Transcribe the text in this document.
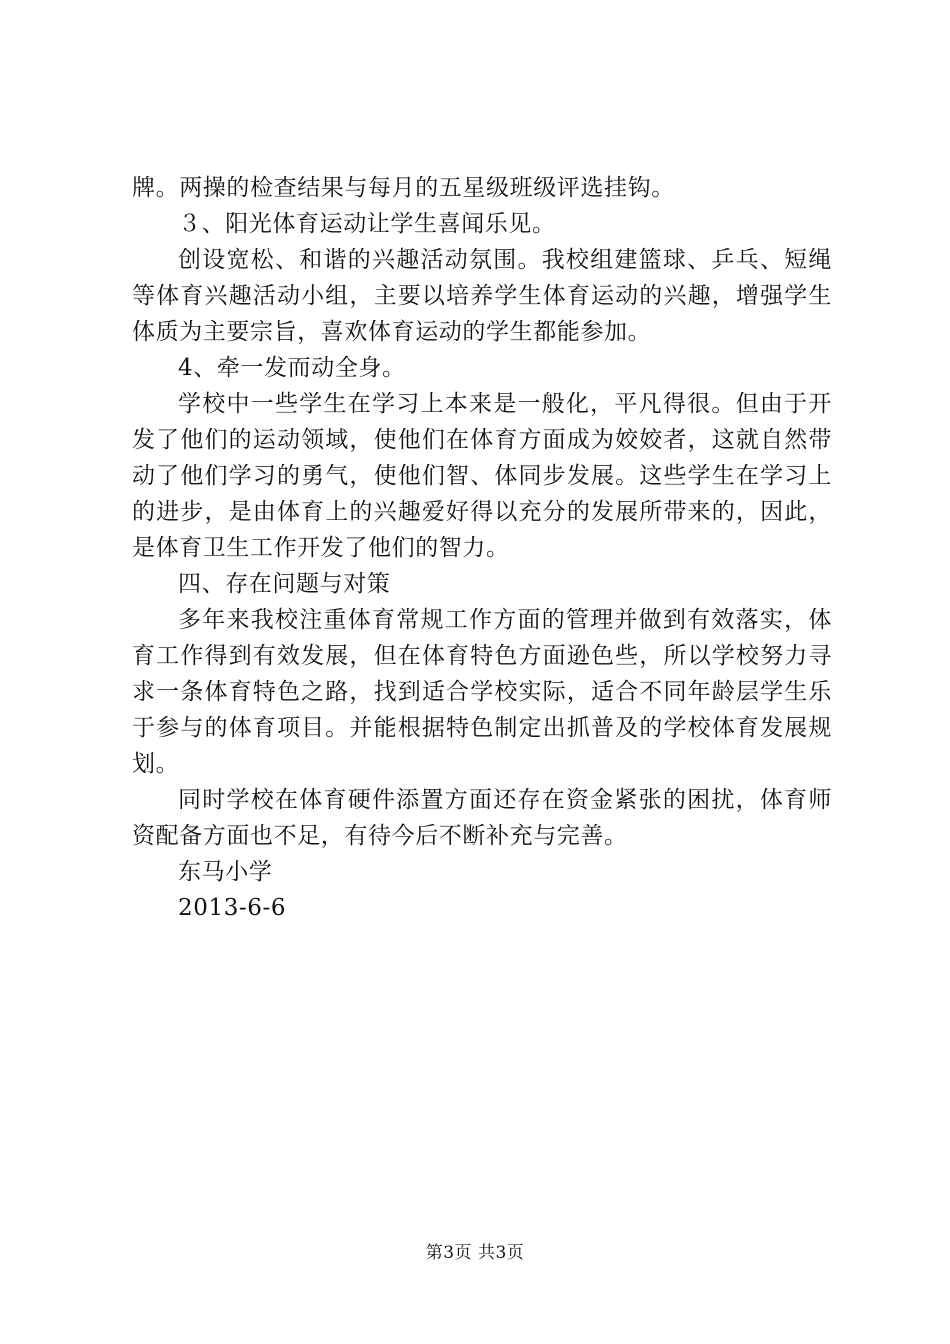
牌。两操的检查结果与每月的五星级班级评选挂钩。

３、阳光体育运动让学生喜闻乐见。

创设宽松、和谐的兴趣活动氛围。我校组建篮球、乒乓、短绳等体育兴趣活动小组，主要以培养学生体育运动的兴趣，增强学生体质为主要宗旨，喜欢体育运动的学生都能参加。

4、牵一发而动全身。

学校中一些学生在学习上本来是一般化，平凡得很。但由于开发了他们的运动领域，使他们在体育方面成为姣姣者，这就自然带动了他们学习的勇气，使他们智、体同步发展。这些学生在学习上的进步，是由体育上的兴趣爱好得以充分的发展所带来的，因此，是体育卫生工作开发了他们的智力。

四、存在问题与对策

多年来我校注重体育常规工作方面的管理并做到有效落实，体育工作得到有效发展，但在体育特色方面逊色些，所以学校努力寻求一条体育特色之路，找到适合学校实际，适合不同年龄层学生乐于参与的体育项目。并能根据特色制定出抓普及的学校体育发展规划。

同时学校在体育硬件添置方面还存在资金紧张的困扰，体育师资配备方面也不足，有待今后不断补充与完善。

东马小学

2013-6-6

第3页 共3页
